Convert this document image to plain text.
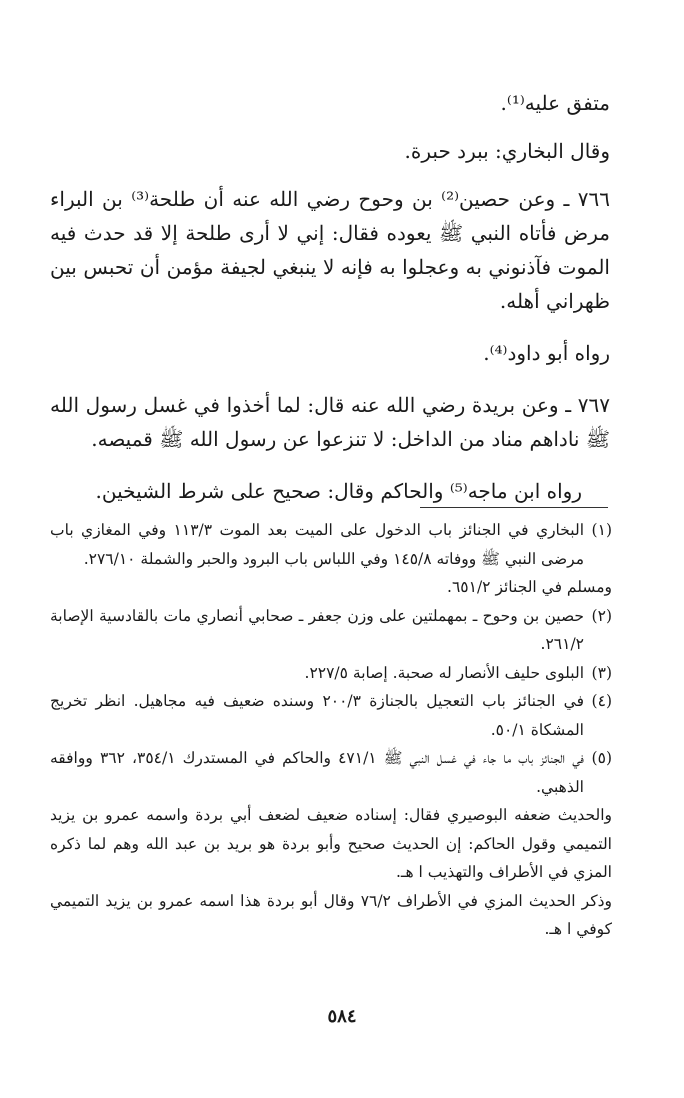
متفق عليه⁽¹⁾.

وقال البخاري: ببرد حبرة.

٧٦٦ ـ وعن حصين⁽²⁾ بن وحوح رضي الله عنه أن طلحة⁽³⁾ بن البراء مرض فأتاه النبي ﷺ يعوده فقال: إني لا أرى طلحة إلا قد حدث فيه الموت فآذنوني به وعجلوا به فإنه لا ينبغي لجيفة مؤمن أن تحبس بين ظهراني أهله.

رواه أبو داود⁽⁴⁾.

٧٦٧ ـ وعن بريدة رضي الله عنه قال: لما أخذوا في غسل رسول الله ﷺ ناداهم مناد من الداخل: لا تنزعوا عن رسول الله ﷺ قميصه.

رواه ابن ماجه⁽⁵⁾ والحاكم وقال: صحيح على شرط الشيخين.

(١)البخاري في الجنائز باب الدخول على الميت بعد الموت ١١٣/٣ وفي المغازي باب مرضى النبي ﷺ ووفاته ١٤٥/٨ وفي اللباس باب البرود والحبر والشملة ٢٧٦/١٠.

ومسلم في الجنائز ٦٥١/٢.

(٢)حصين بن وحوح ـ بمهملتين على وزن جعفر ـ صحابي أنصاري مات بالقادسية الإصابة ٢٦١/٢.

(٣)البلوى حليف الأنصار له صحبة. إصابة ٢٢٧/٥.

(٤)في الجنائز باب التعجيل بالجنازة ٢٠٠/٣ وسنده ضعيف فيه مجاهيل. انظر تخريج المشكاة ٥٠/١.

(٥)في الجنائز باب ما جاء في غسل النبي ﷺ ٤٧١/١ والحاكم في المستدرك ٣٥٤/١، ٣٦٢ ووافقه الذهبي.

والحديث ضعفه البوصيري فقال: إسناده ضعيف لضعف أبي بردة واسمه عمرو بن يزيد التميمي وقول الحاكم: إن الحديث صحيح وأبو بردة هو بريد بن عبد الله وهم لما ذكره المزي في الأطراف والتهذيب ا هـ.

وذكر الحديث المزي في الأطراف ٧٦/٢ وقال أبو بردة هذا اسمه عمرو بن يزيد التميمي كوفي ا هـ.

٥٨٤
